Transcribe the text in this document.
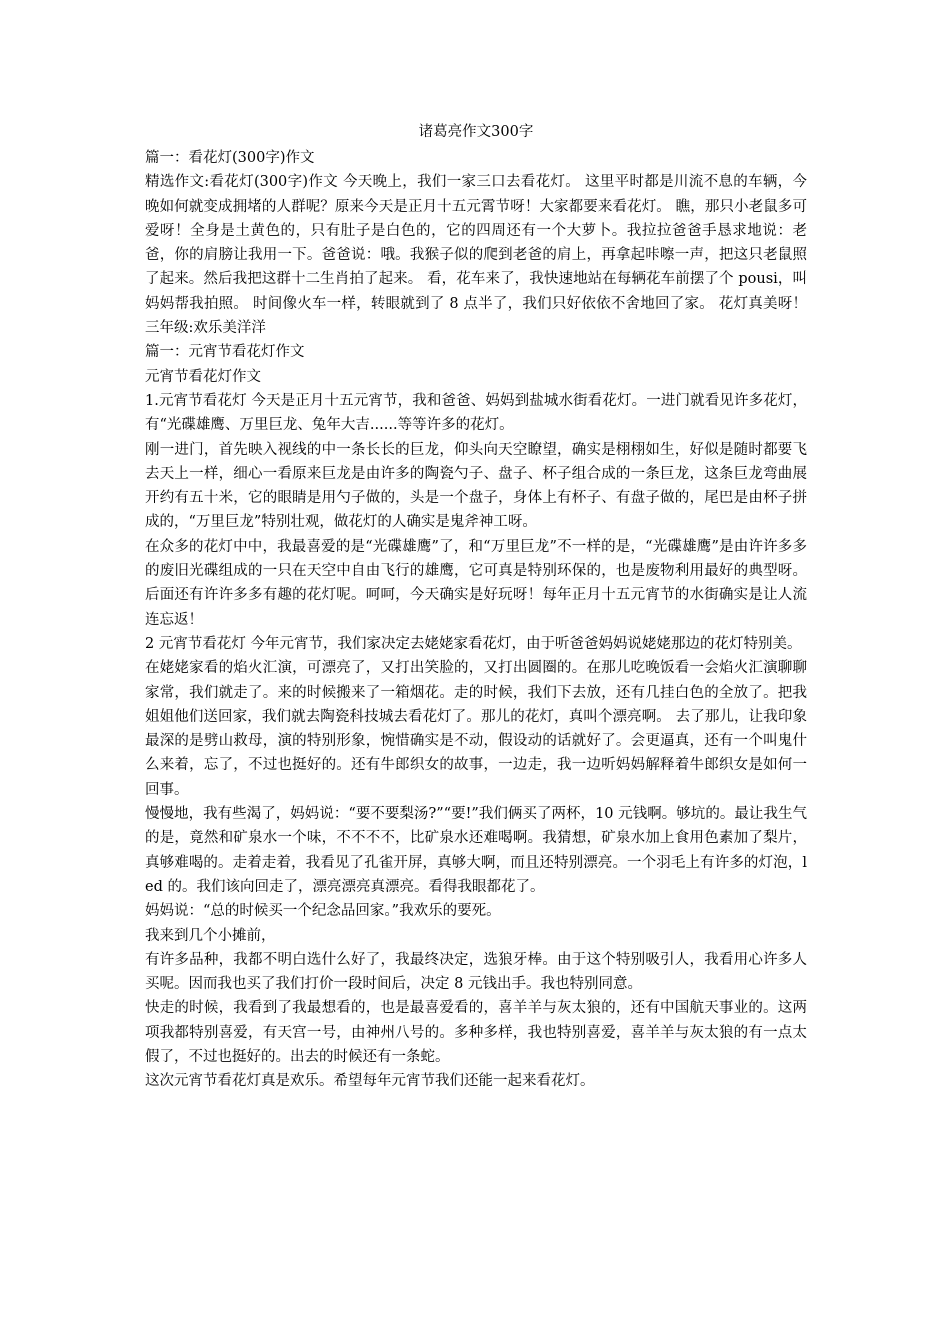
诸葛亮作文300字

篇一：看花灯(300字)作文

精选作文:看花灯(300字)作文 今天晚上，我们一家三口去看花灯。 这里平时都是川流不息的车辆，今晚如何就变成拥堵的人群呢？原来今天是正月十五元霄节呀！大家都要来看花灯。 瞧，那只小老鼠多可爱呀！全身是土黄色的，只有肚子是白色的，它的四周还有一个大萝卜。我拉拉爸爸手恳求地说：老爸，你的肩膀让我用一下。爸爸说：哦。我猴子似的爬到老爸的肩上，再拿起咔嚓一声，把这只老鼠照了起来。然后我把这群十二生肖拍了起来。 看，花车来了，我快速地站在每辆花车前摆了个 pousi，叫妈妈帮我拍照。 时间像火车一样，转眼就到了 8 点半了，我们只好依依不舍地回了家。 花灯真美呀！三年级:欢乐美洋洋

篇一：元宵节看花灯作文

元宵节看花灯作文

1.元宵节看花灯 今天是正月十五元宵节，我和爸爸、妈妈到盐城水街看花灯。一进门就看见许多花灯，有“光碟雄鹰、万里巨龙、兔年大吉......等等许多的花灯。

刚一进门，首先映入视线的中一条长长的巨龙，仰头向天空瞭望，确实是栩栩如生，好似是随时都要飞去天上一样，细心一看原来巨龙是由许多的陶瓷勺子、盘子、杯子组合成的一条巨龙，这条巨龙弯曲展开约有五十米，它的眼睛是用勺子做的，头是一个盘子，身体上有杯子、有盘子做的，尾巴是由杯子拼成的，“万里巨龙”特别壮观，做花灯的人确实是鬼斧神工呀。

在众多的花灯中中，我最喜爱的是“光碟雄鹰”了，和“万里巨龙”不一样的是，“光碟雄鹰”是由许许多多的废旧光碟组成的一只在天空中自由飞行的雄鹰，它可真是特别环保的，也是废物利用最好的典型呀。后面还有许许多多有趣的花灯呢。呵呵，今天确实是好玩呀！每年正月十五元宵节的水街确实是让人流连忘返！

2 元宵节看花灯 今年元宵节，我们家决定去姥姥家看花灯，由于听爸爸妈妈说姥姥那边的花灯特别美。

在姥姥家看的焰火汇演，可漂亮了，又打出笑脸的，又打出圆圈的。在那儿吃晚饭看一会焰火汇演聊聊家常，我们就走了。来的时候搬来了一箱烟花。走的时候，我们下去放，还有几挂白色的全放了。把我姐姐他们送回家，我们就去陶瓷科技城去看花灯了。那儿的花灯，真叫个漂亮啊。 去了那儿，让我印象最深的是劈山救母，演的特别形象，惋惜确实是不动，假设动的话就好了。会更逼真，还有一个叫鬼什么来着，忘了，不过也挺好的。还有牛郎织女的故事，一边走，我一边听妈妈解释着牛郎织女是如何一回事。

慢慢地，我有些渴了，妈妈说：“要不要梨汤?”“要!”我们俩买了两杯，10 元钱啊。够坑的。最让我生气的是，竟然和矿泉水一个味，不不不不，比矿泉水还难喝啊。我猜想，矿泉水加上食用色素加了梨片，真够难喝的。走着走着，我看见了孔雀开屏，真够大啊，而且还特别漂亮。一个羽毛上有许多的灯泡，led 的。我们该向回走了，漂亮漂亮真漂亮。看得我眼都花了。

妈妈说：“总的时候买一个纪念品回家。”我欢乐的要死。

我来到几个小摊前，

有许多品种，我都不明白选什么好了，我最终决定，选狼牙棒。由于这个特别吸引人，我看用心许多人买呢。因而我也买了我们打价一段时间后，决定 8 元钱出手。我也特别同意。

快走的时候，我看到了我最想看的，也是最喜爱看的，喜羊羊与灰太狼的，还有中国航天事业的。这两项我都特别喜爱，有天宫一号，由神州八号的。多种多样，我也特别喜爱，喜羊羊与灰太狼的有一点太假了，不过也挺好的。出去的时候还有一条蛇。

这次元宵节看花灯真是欢乐。希望每年元宵节我们还能一起来看花灯。
